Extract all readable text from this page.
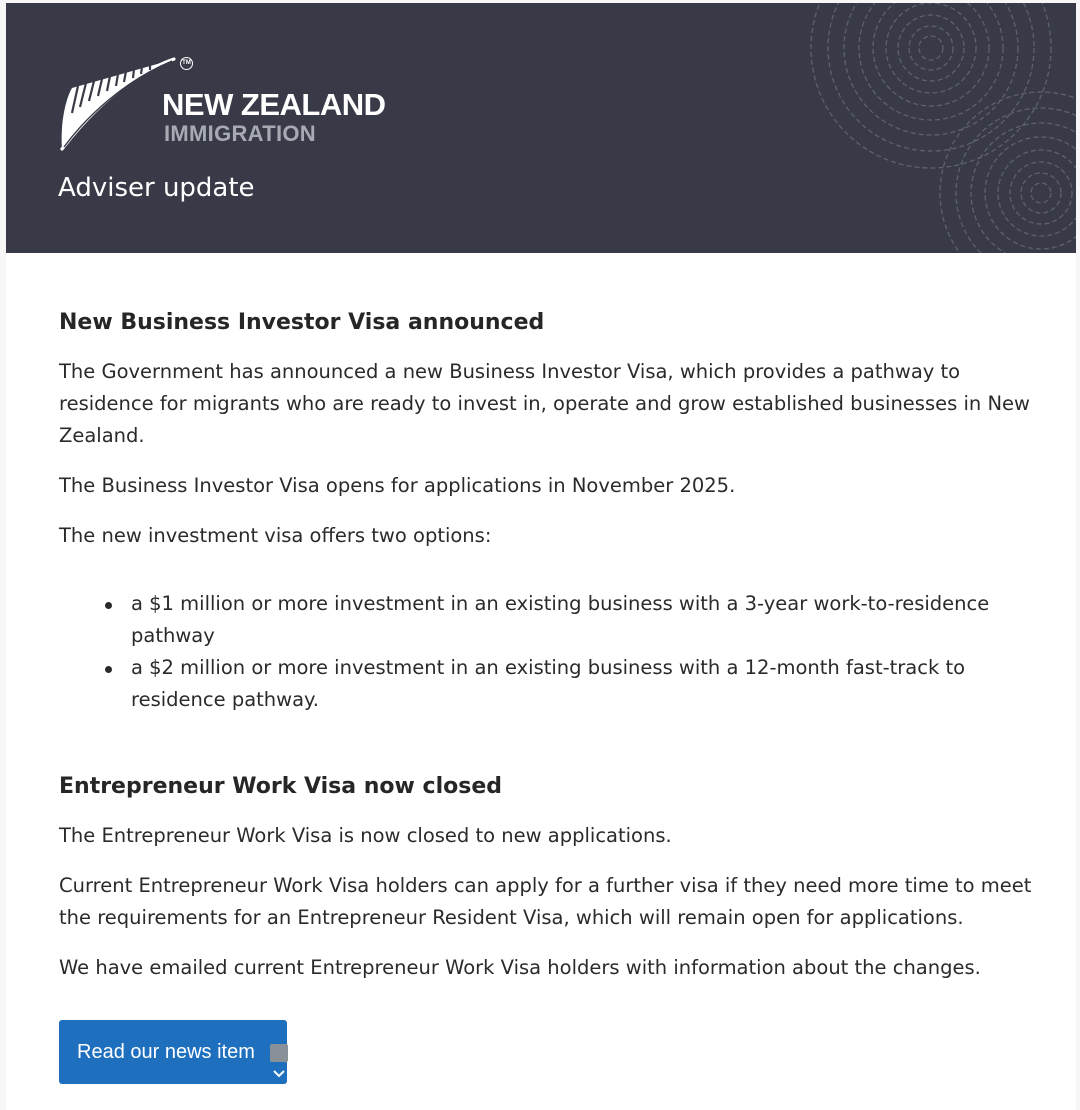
TM
NEW ZEALAND
IMMIGRATION
Adviser update
New Business Investor Visa announced

The Government has announced a new Business Investor Visa, which provides a pathway to residence for migrants who are ready to invest in, operate and grow established businesses in New Zealand.

The Business Investor Visa opens for applications in November 2025.

The new investment visa offers two options:

a $1 million or more investment in an existing business with a 3-year work-to-residence pathway
a $2 million or more investment in an existing business with a 12-month fast-track to residence pathway.
Entrepreneur Work Visa now closed

The Entrepreneur Work Visa is now closed to new applications.

Current Entrepreneur Work Visa holders can apply for a further visa if they need more time to meet the requirements for an Entrepreneur Resident Visa, which will remain open for applications.

We have emailed current Entrepreneur Work Visa holders with information about the changes.

Read our news item
